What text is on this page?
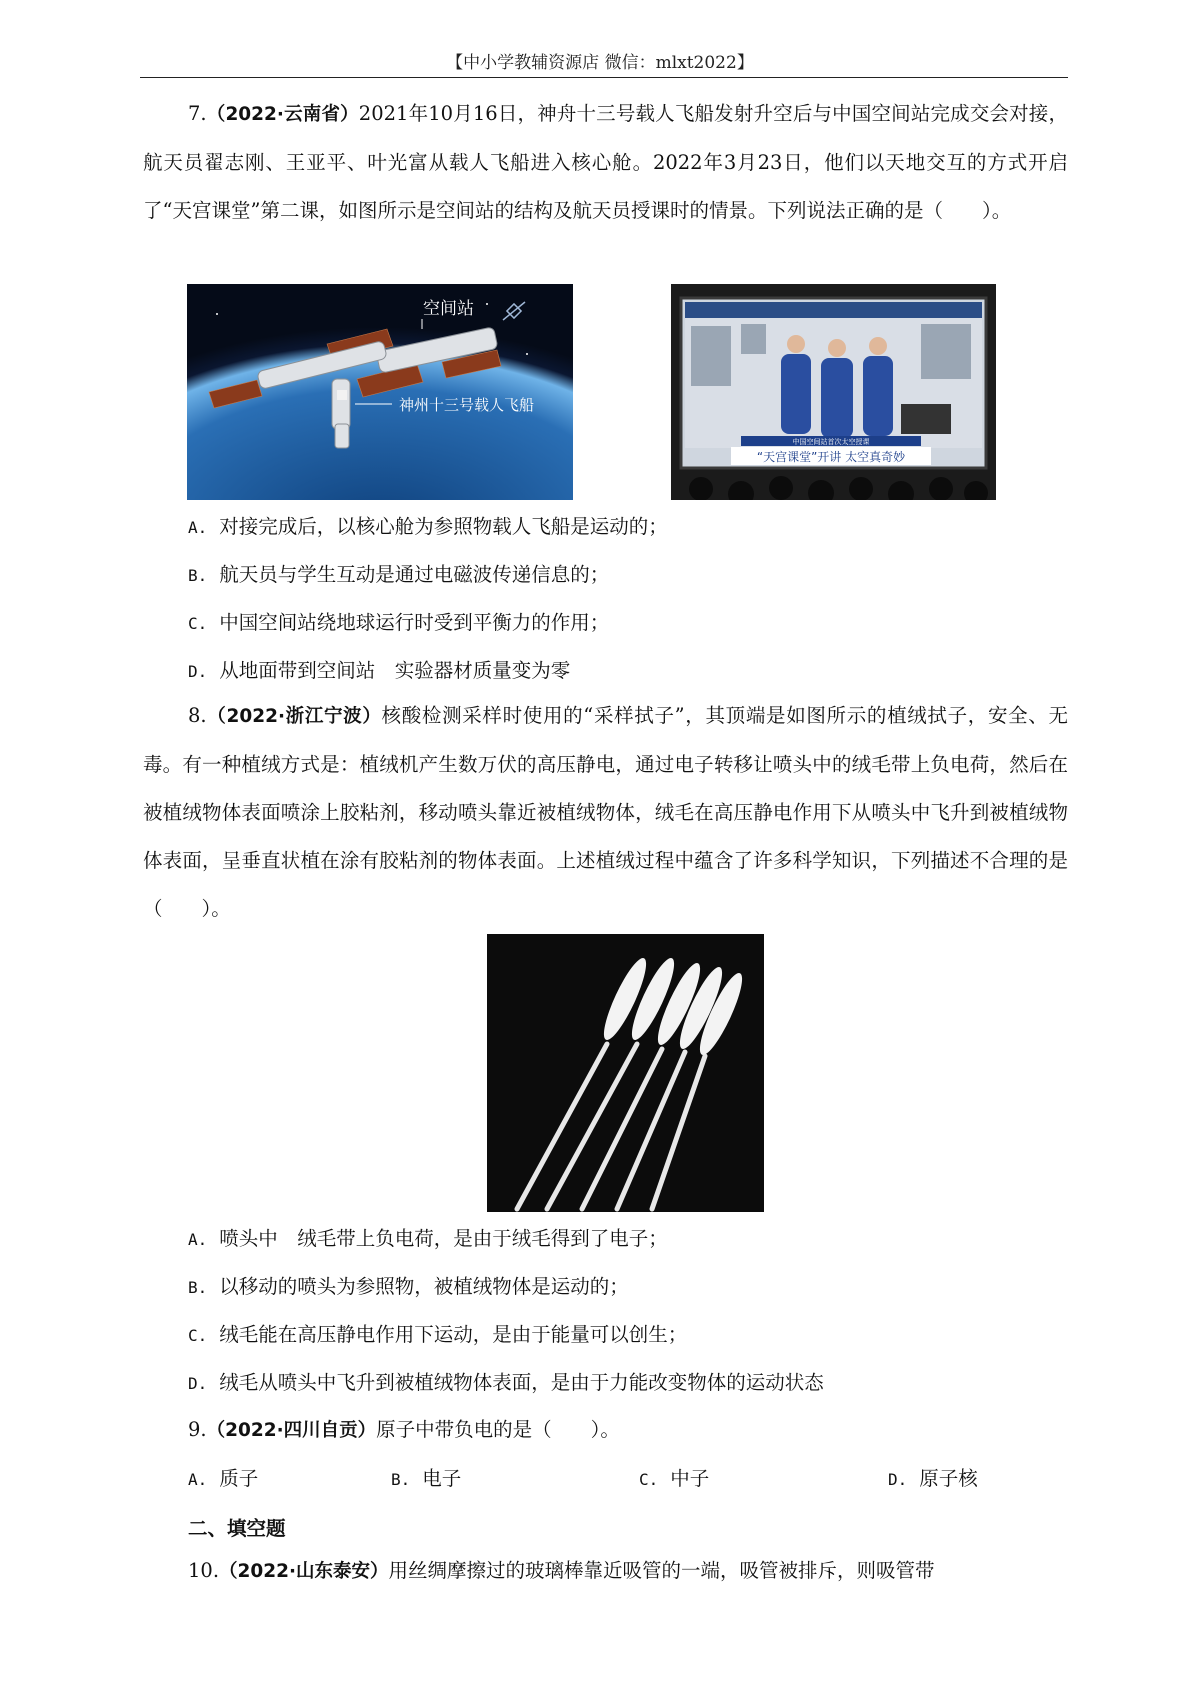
【中小学教辅资源店 微信：mlxt2022】

7.（2022·云南省）2021年10月16日，神舟十三号载人飞船发射升空后与中国空间站完成交会对接，航天员翟志刚、王亚平、叶光富从载人飞船进入核心舱。2022年3月23日，他们以天地交互的方式开启了“天宫课堂”第二课，如图所示是空间站的结构及航天员授课时的情景。下列说法正确的是（　　）。

空间站
神州十三号载人飞船
中国空间站首次太空授课
“天宫课堂”开讲 太空真奇妙
A. 对接完成后，以核心舱为参照物载人飞船是运动的；
B. 航天员与学生互动是通过电磁波传递信息的；
C. 中国空间站绕地球运行时受到平衡力的作用；
D. 从地面带到空间站　实验器材质量变为零

8.（2022·浙江宁波）核酸检测采样时使用的“采样拭子”，其顶端是如图所示的植绒拭子，安全、无毒。有一种植绒方式是：植绒机产生数万伏的高压静电，通过电子转移让喷头中的绒毛带上负电荷，然后在被植绒物体表面喷涂上胶粘剂，移动喷头靠近被植绒物体，绒毛在高压静电作用下从喷头中飞升到被植绒物体表面，呈垂直状植在涂有胶粘剂的物体表面。上述植绒过程中蕴含了许多科学知识，下列描述不合理的是（　　）。

A. 喷头中　绒毛带上负电荷，是由于绒毛得到了电子；
B. 以移动的喷头为参照物，被植绒物体是运动的；
C. 绒毛能在高压静电作用下运动，是由于能量可以创生；
D. 绒毛从喷头中飞升到被植绒物体表面，是由于力能改变物体的运动状态

9.（2022·四川自贡）原子中带负电的是（　　）。

A. 质子	B. 电子	C. 中子	D. 原子核
二、填空题

10.（2022·山东泰安）用丝绸摩擦过的玻璃棒靠近吸管的一端，吸管被排斥，则吸管带
